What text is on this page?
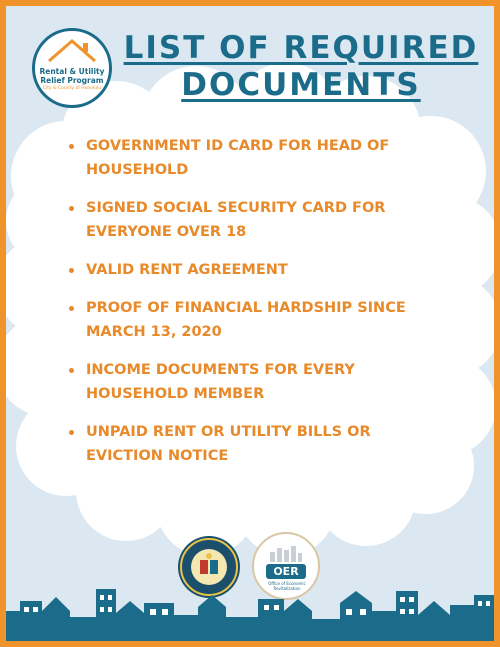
Rental & Utility
Relief Program
City & County of Honolulu
LIST OF REQUIRED
DOCUMENTS
GOVERNMENT ID CARD FOR HEAD OF HOUSEHOLD
SIGNED SOCIAL SECURITY CARD FOR EVERYONE OVER 18
VALID RENT AGREEMENT
PROOF OF FINANCIAL HARDSHIP SINCE MARCH 13, 2020
INCOME DOCUMENTS FOR EVERY HOUSEHOLD MEMBER
UNPAID RENT OR UTILITY BILLS OR EVICTION NOTICE
OER
Office of Economic Revitalization
